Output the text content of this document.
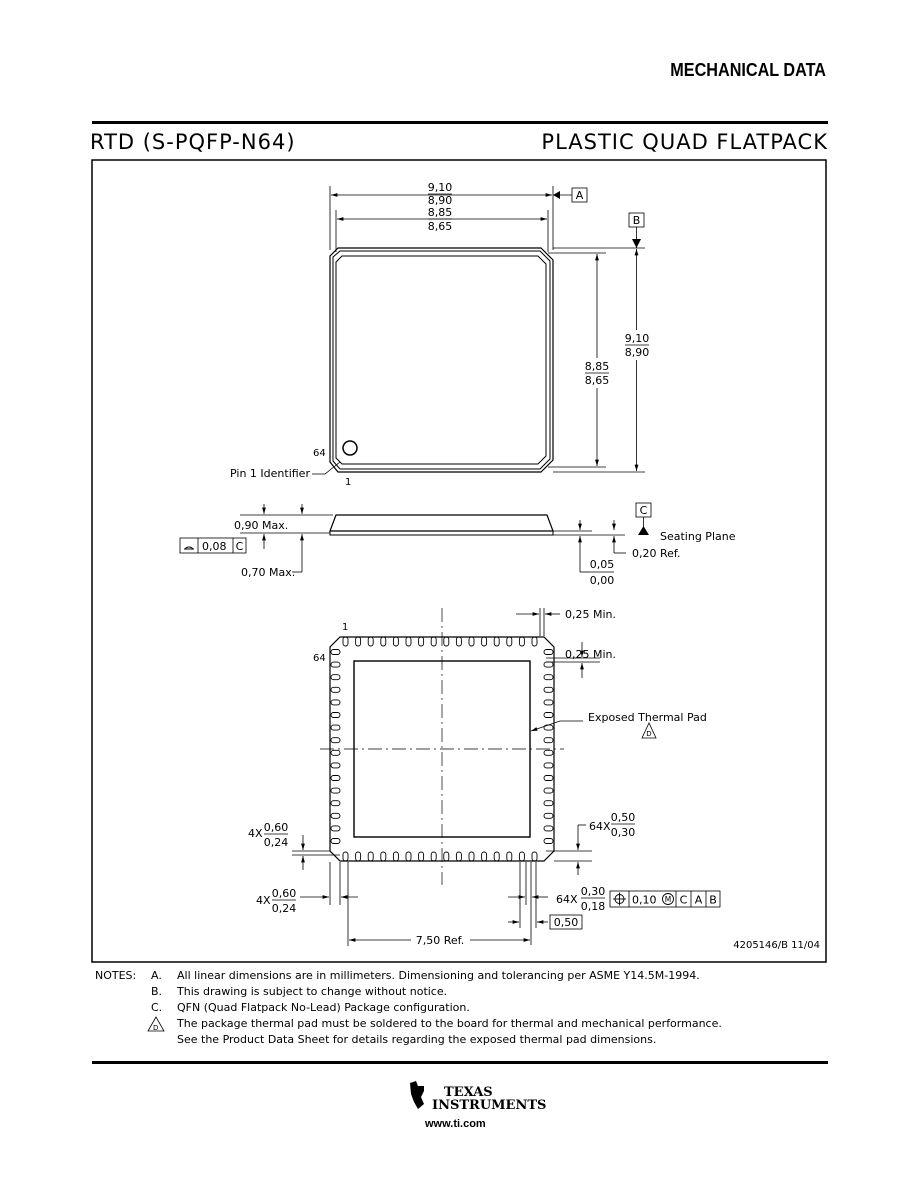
MECHANICAL DATA
RTD (S-PQFP-N64)	PLASTIC QUAD FLATPACK
9,10
8,90
8,85
8,65
A
B
9,10
8,90
8,85
8,65
64
1
Pin 1 Identifier
0,90 Max.
0,70 Max.
0,08 C
0,05
0,00
0,20 Ref.
C
Seating Plane
1
64
0,25 Min.
0,25 Min.
Exposed Thermal Pad
D
4X 0,60
0,24
4X
0,60
0,24
64X
0,50
0,30
64X
0,30
0,18 0,10 M C A B
0,50
7,50 Ref.	4205146/B 11/04
NOTES: A. All linear dimensions are in millimeters. Dimensioning and tolerancing per ASME Y14.5M-1994.
B. This drawing is subject to change without notice.
C. QFN (Quad Flatpack No-Lead) Package configuration.
D The package thermal pad must be soldered to the board for thermal and mechanical performance.
See the Product Data Sheet for details regarding the exposed thermal pad dimensions.
TEXAS
INSTRUMENTS
www.ti.com
